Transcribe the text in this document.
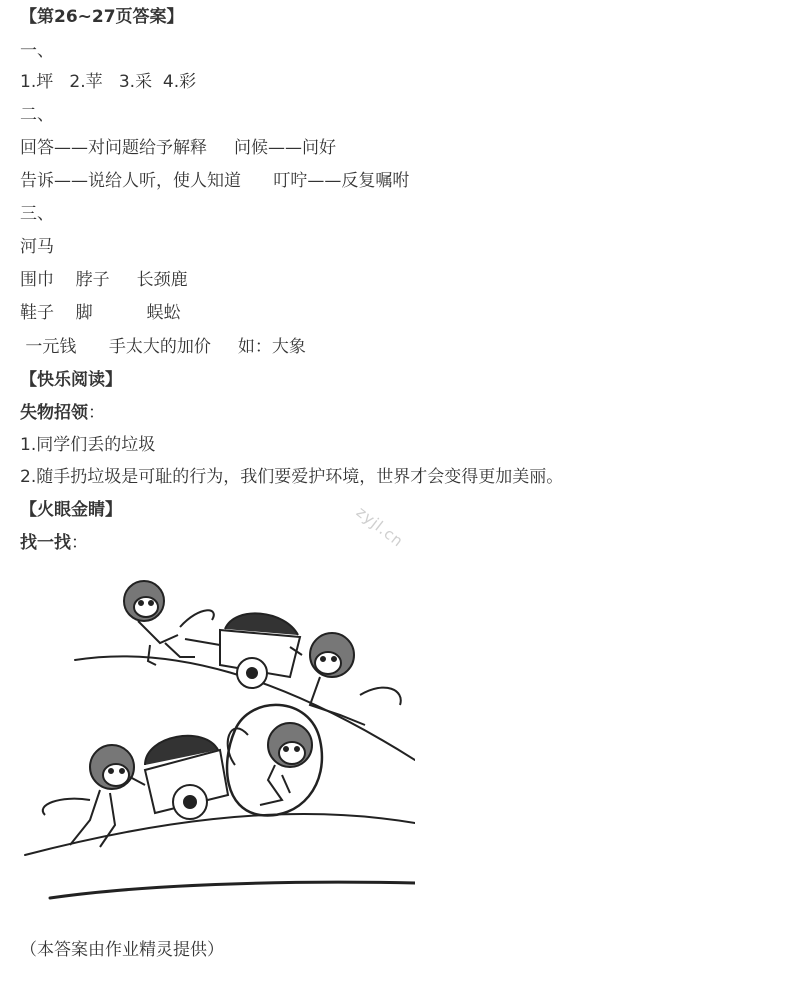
【第26~27页答案】
一、
1.坪   2.苹   3.采  4.彩
二、
回答——对问题给予解释     问候——问好
告诉——说给人听，使人知道      叮咛——反复嘱咐
三、
河马
围巾    脖子     长颈鹿
鞋子    脚          蜈蚣
一元钱      手太大的加价     如：大象
【快乐阅读】
失物招领：
1.同学们丢的垃圾
2.随手扔垃圾是可耻的行为，我们要爱护环境，世界才会变得更加美丽。
zyjl.cn
【火眼金睛】
找一找：
（本答案由作业精灵提供）
